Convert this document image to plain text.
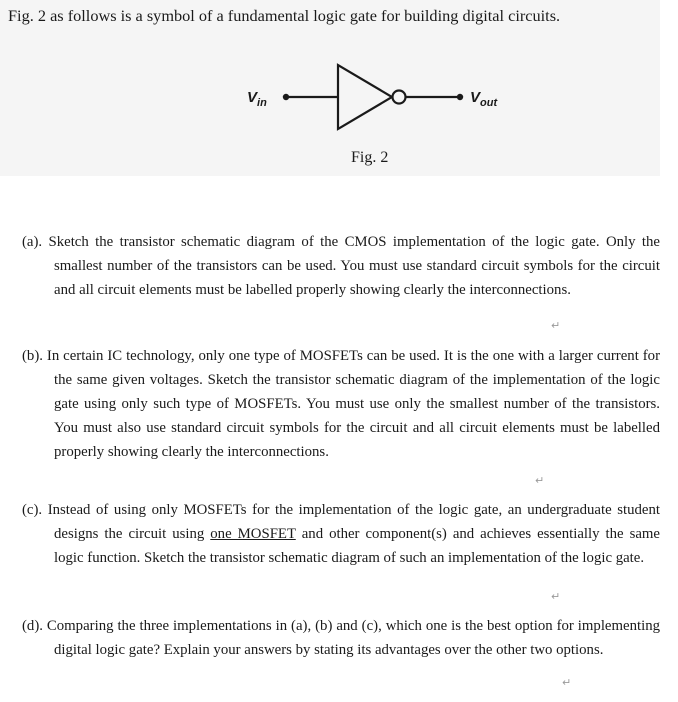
Fig. 2 as follows is a symbol of a fundamental logic gate for building digital circuits.
$V_{in}$	$V_{out}$
Fig. 2
(a). Sketch the transistor schematic diagram of the CMOS implementation of the logic gate. Only the smallest number of the transistors can be used. You must use standard circuit symbols for the circuit and all circuit elements must be labelled properly showing clearly the interconnections.
↵
(b). In certain IC technology, only one type of MOSFETs can be used. It is the one with a larger current for the same given voltages. Sketch the transistor schematic diagram of the implementation of the logic gate using only such type of MOSFETs. You must use only the smallest number of the transistors. You must also use standard circuit symbols for the circuit and all circuit elements must be labelled properly showing clearly the interconnections.
↵
(c). Instead of using only MOSFETs for the implementation of the logic gate, an undergraduate student designs the circuit using one MOSFET and other component(s) and achieves essentially the same logic function. Sketch the transistor schematic diagram of such an implementation of the logic gate.
↵
(d). Comparing the three implementations in (a), (b) and (c), which one is the best option for implementing digital logic gate? Explain your answers by stating its advantages over the other two options.
↵
